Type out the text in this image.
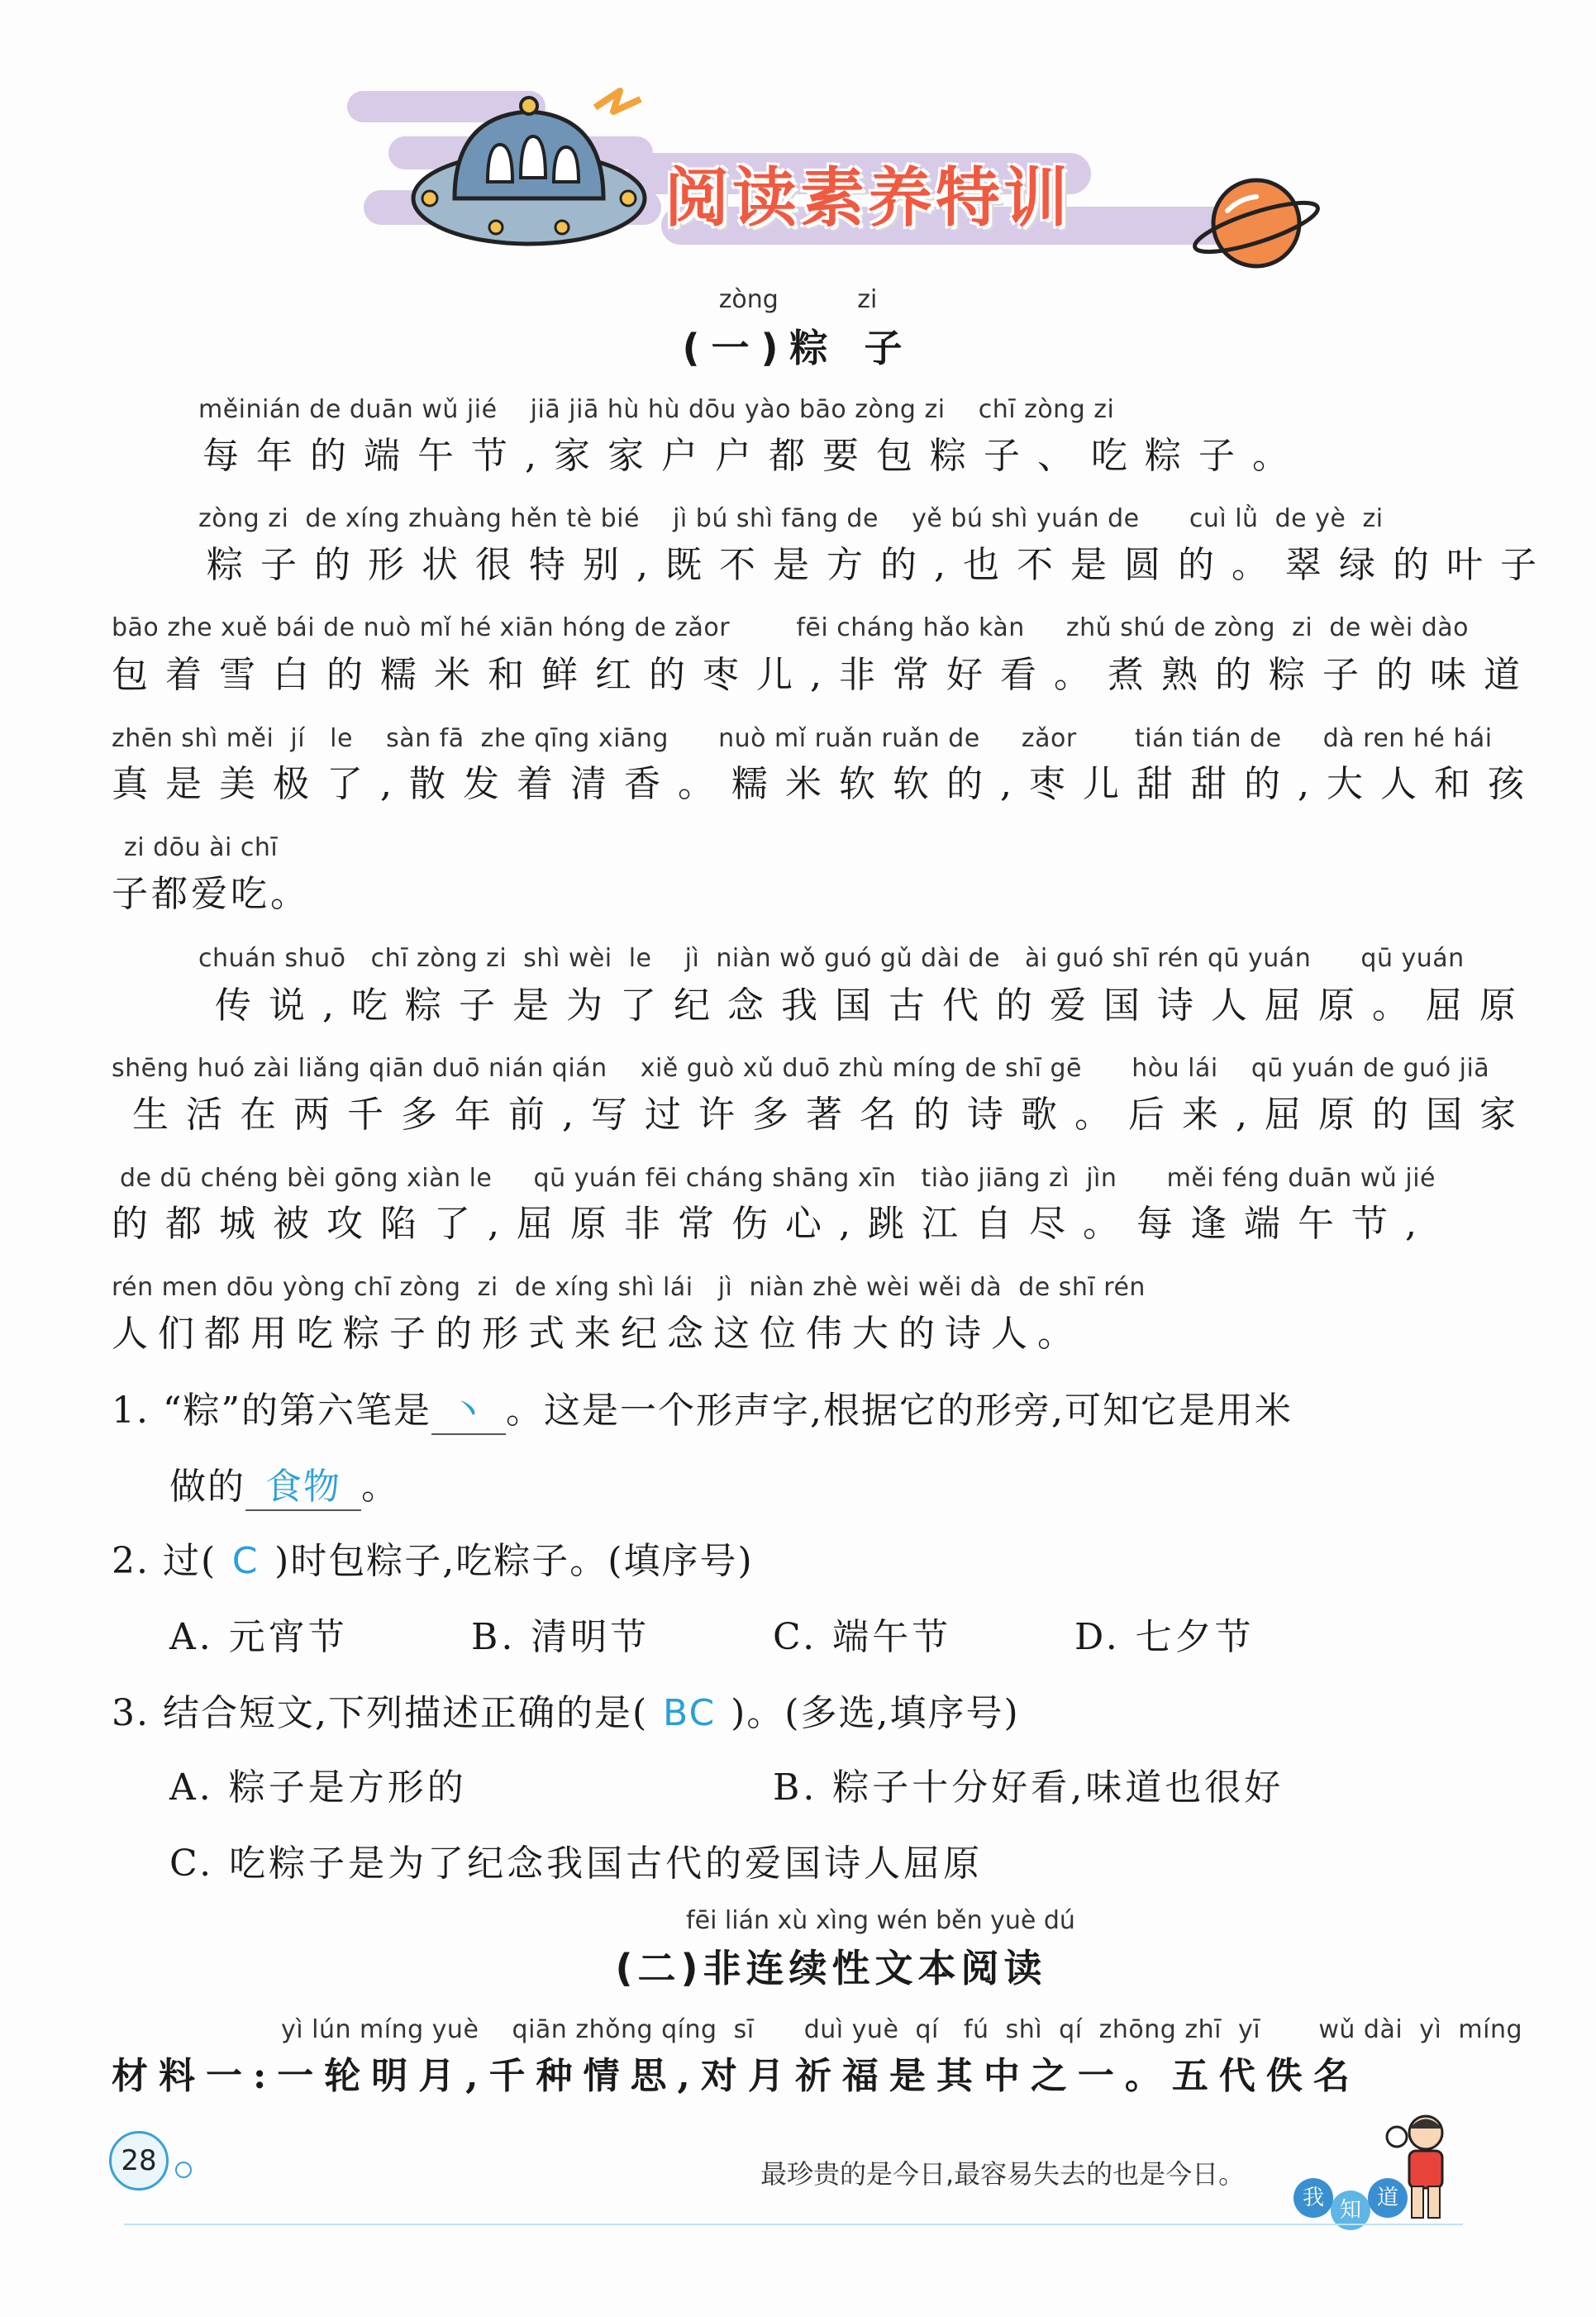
阅读素养特训
zòng          zi
(一)粽 子
měinián de duān wǔ jié    jiā jiā hù hù dōu yào bāo zòng zi    chī zòng zi
每年的端午节,家家户户都要包粽子、吃粽子。
zòng zi  de xíng zhuàng hěn tè bié    jì bú shì fāng de    yě bú shì yuán de      cuì lǜ  de yè  zi
粽子的形状很特别,既不是方的,也不是圆的。翠绿的叶子
bāo zhe xuě bái de nuò mǐ hé xiān hóng de zǎor        fēi cháng hǎo kàn     zhǔ shú de zòng  zi  de wèi dào
包着雪白的糯米和鲜红的枣儿,非常好看。煮熟的粽子的味道
zhēn shì měi  jí   le    sàn fā  zhe qīng xiāng      nuò mǐ ruǎn ruǎn de     zǎor       tián tián de     dà ren hé hái
真是美极了,散发着清香。糯米软软的,枣儿甜甜的,大人和孩
zi dōu ài chī
子都爱吃。
chuán shuō   chī zòng zi  shì wèi  le    jì  niàn wǒ guó gǔ dài de   ài guó shī rén qū yuán      qū yuán
传说,吃粽子是为了纪念我国古代的爱国诗人屈原。屈原
shēng huó zài liǎng qiān duō nián qián    xiě guò xǔ duō zhù míng de shī gē      hòu lái    qū yuán de guó jiā
生活在两千多年前,写过许多著名的诗歌。后来,屈原的国家
de dū chéng bèi gōng xiàn le     qū yuán fēi cháng shāng xīn   tiào jiāng zì  jìn      měi féng duān wǔ jié
的都城被攻陷了,屈原非常伤心,跳江自尽。每逢端午节,
rén men dōu yòng chī zòng  zi  de xíng shì lái   jì  niàn zhè wèi wěi dà  de shī rén
人们都用吃粽子的形式来纪念这位伟大的诗人。
1. “粽”的第六笔是 丶 。这是一个形声字,根据它的形旁,可知它是用米
做的 食物 。
2. 过( C )时包粽子,吃粽子。(填序号)
A. 元宵节	B. 清明节	C. 端午节	D. 七夕节
3. 结合短文,下列描述正确的是( BC )。(多选,填序号)
A. 粽子是方形的	B. 粽子十分好看,味道也很好
C. 吃粽子是为了纪念我国古代的爱国诗人屈原
fēi lián xù xìng wén běn yuè dú
(二)非连续性文本阅读
yì lún míng yuè    qiān zhǒng qíng  sī      duì yuè  qí   fú  shì  qí  zhōng zhī  yī       wǔ dài  yì  míng
材料一:一轮明月,千种情思,对月祈福是其中之一。五代佚名
28	最珍贵的是今日,最容易失去的也是今日。
我 知 道
